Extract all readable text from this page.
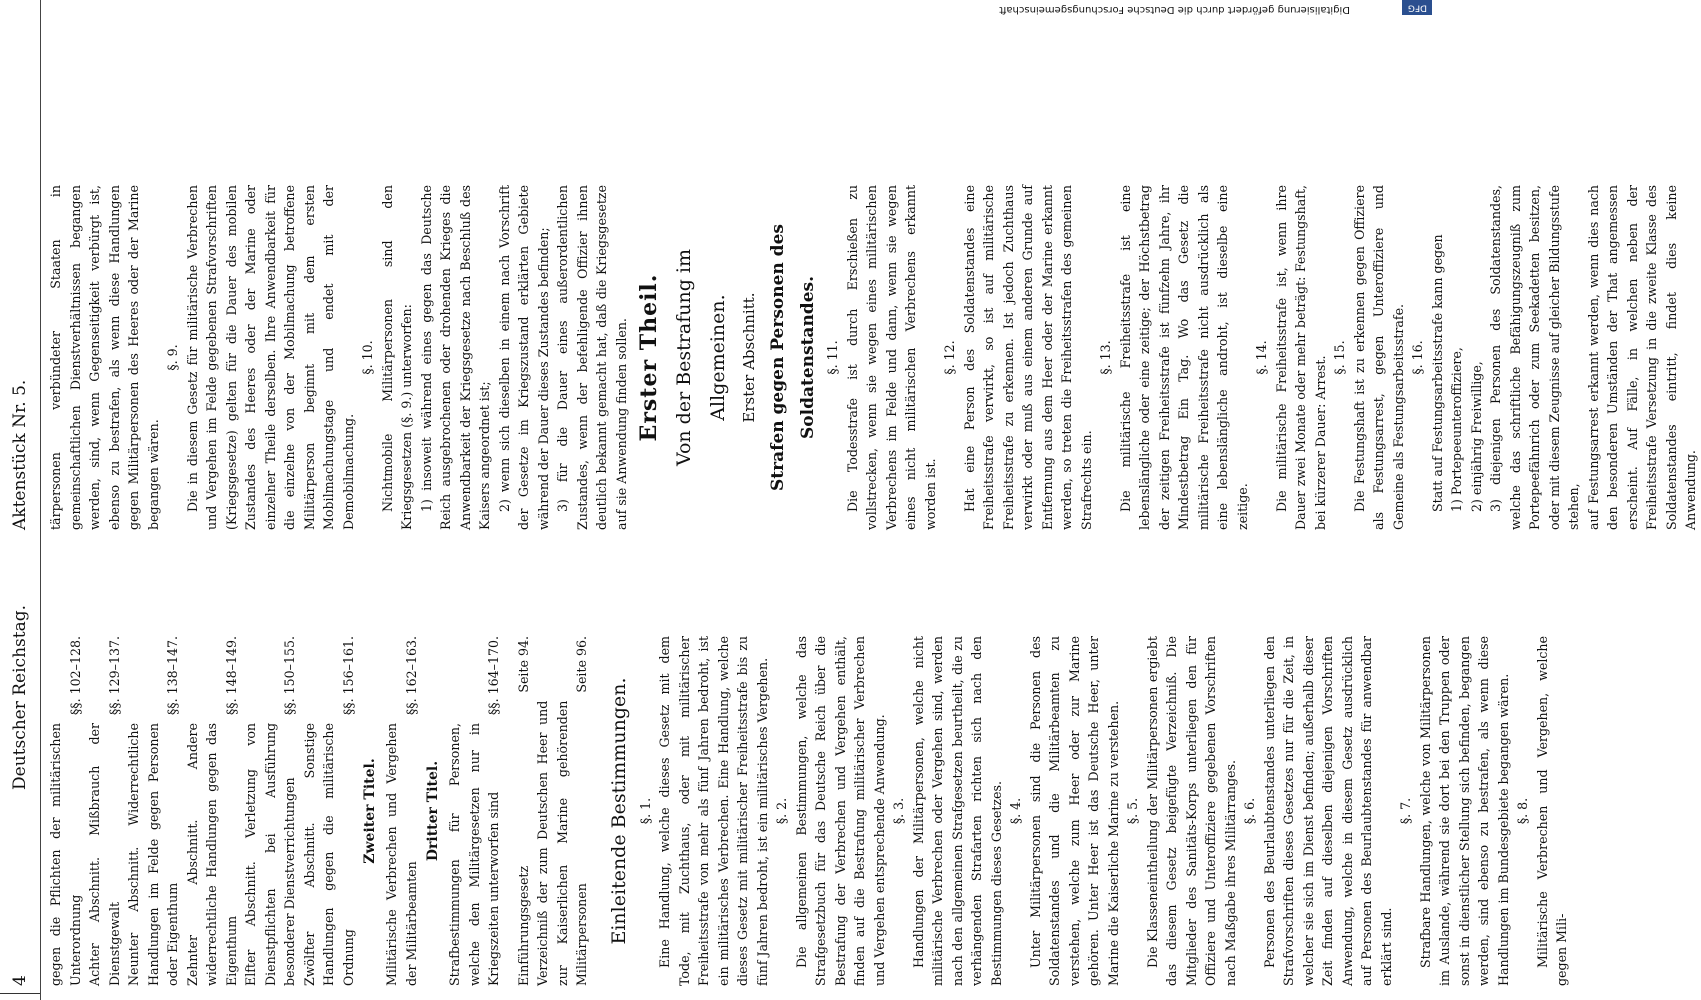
4
Deutscher Reichstag.
Aktenstück Nr. 5.
gegen die Pflichten der militärischen Unterordnung
§§. 102–128.
Achter Abschnitt. Mißbrauch der Dienstgewalt
§§. 129–137.
Neunter Abschnitt. Widerrechtliche Handlungen im Felde gegen Personen oder Eigenthum
§§. 138–147.
Zehnter Abschnitt. Andere widerrechtliche Handlungen gegen das Eigenthum
§§. 148–149.
Elfter Abschnitt. Verletzung von Dienstpflichten bei Ausführung besonderer Dienstverrichtungen
§§. 150–155.
Zwölfter Abschnitt. Sonstige Handlungen gegen die militärische Ordnung
§§. 156–161.

Zweiter Titel. Militärische Verbrechen und Vergehen der Militärbeamten
§§. 162–163.

Dritter Titel. Strafbestimmungen für Personen, welche den Militärgesetzen nur in Kriegszeiten unterworfen sind
§§. 164–170.
Einführungsgesetz
Seite 94.
Verzeichniß der zum Deutschen Heer und zur Kaiserlichen Marine gehörenden Militärpersonen
Seite 96.

Einleitende Bestimmungen. §. 1. Eine Handlung, welche dieses Gesetz mit dem Tode, mit Zuchthaus, oder mit militärischer Freiheitsstrafe von mehr als fünf Jahren bedroht, ist ein militärisches Verbrechen. Eine Handlung, welche dieses Gesetz mit militärischer Freiheitsstrafe bis zu fünf Jahren bedroht, ist ein militärisches Vergehen. §. 2. Die allgemeinen Bestimmungen, welche das Strafgesetzbuch für das Deutsche Reich über die Bestrafung der Verbrechen und Vergehen enthält, finden auf die Bestrafung militärischer Verbrechen und Vergehen entsprechende Anwendung. §. 3. Handlungen der Militärpersonen, welche nicht militärische Verbrechen oder Vergehen sind, werden nach den allgemeinen Strafgesetzen beurtheilt, die zu verhängenden Strafarten richten sich nach den Bestimmungen dieses Gesetzes. §. 4. Unter Militärpersonen sind die Personen des Soldatenstandes und die Militärbeamten zu verstehen, welche zum Heer oder zur Marine gehören. Unter Heer ist das Deutsche Heer, unter Marine die Kaiserliche Marine zu verstehen. §. 5. Die Klasseneintheilung der Militärpersonen ergiebt das diesem Gesetz beigefügte Verzeichniß. Die Mitglieder des Sanitäts-Korps unterliegen den für Offiziere und Unteroffiziere gegebenen Vorschriften nach Maßgabe ihres Militärranges. §. 6. Personen des Beurlaubtenstandes unterliegen den Strafvorschriften dieses Gesetzes nur für die Zeit, in welcher sie sich im Dienst befinden; außerhalb dieser Zeit finden auf dieselben diejenigen Vorschriften Anwendung, welche in diesem Gesetz ausdrücklich auf Personen des Beurlaubtenstandes für anwendbar erklärt sind.

§. 7. Strafbare Handlungen, welche von Militärpersonen im Auslande, während sie dort bei den Truppen oder sonst in dienstlicher Stellung sich befinden, begangen werden, sind ebenso zu bestrafen, als wenn diese Handlungen im Bundesgebiete begangen wären. §. 8. Militärische Verbrechen und Vergehen, welche gegen Mili-

tärpersonen verbündeter Staaten in gemeinschaftlichen Dienstverhältnissen begangen werden, sind, wenn Gegenseitigkeit verbürgt ist, ebenso zu bestrafen, als wenn diese Handlungen gegen Militärpersonen des Heeres oder der Marine begangen wären.

§. 9. Die in diesem Gesetz für militärische Verbrechen und Vergehen im Felde gegebenen Strafvorschriften (Kriegsgesetze) gelten für die Dauer des mobilen Zustandes des Heeres oder der Marine oder einzelner Theile derselben. Ihre Anwendbarkeit für die einzelne von der Mobilmachung betroffene Militärperson beginnt mit dem ersten Mobilmachungstage und endet mit der Demobilmachung.

§. 10. Nichtmobile Militärpersonen sind den Kriegsgesetzen (§. 9.) unterworfen: 1) insoweit während eines gegen das Deutsche Reich ausgebrochenen oder drohenden Krieges die Anwendbarkeit der Kriegsgesetze nach Beschluß des Kaisers angeordnet ist; 2) wenn sich dieselben in einem nach Vorschrift der Gesetze im Kriegszustand erklärten Gebiete während der Dauer dieses Zustandes befinden; 3) für die Dauer eines außerordentlichen Zustandes, wenn der befehligende Offizier ihnen deutlich bekannt gemacht hat, daß die Kriegsgesetze auf sie Anwendung finden sollen. Erster Theil. Von der Bestrafung im Allgemeinen. Erster Abschnitt. Strafen gegen Personen des Soldatenstandes. §. 11. Die Todesstrafe ist durch Erschießen zu vollstrecken, wenn sie wegen eines militärischen Verbrechens im Felde und dann, wenn sie wegen eines nicht militärischen Verbrechens erkannt worden ist.

§. 12. Hat eine Person des Soldatenstandes eine Freiheitsstrafe verwirkt, so ist auf militärische Freiheitsstrafe zu erkennen. Ist jedoch Zuchthaus verwirkt oder muß aus einem anderen Grunde auf Entfernung aus dem Heer oder der Marine erkannt werden, so treten die Freiheitsstrafen des gemeinen Strafrechts ein.

§. 13. Die militärische Freiheitsstrafe ist eine lebenslängliche oder eine zeitige; der Höchstbetrag der zeitigen Freiheitsstrafe ist fünfzehn Jahre, ihr Mindestbetrag Ein Tag. Wo das Gesetz die militärische Freiheitsstrafe nicht ausdrücklich als eine lebenslängliche androht, ist dieselbe eine zeitige.

§. 14. Die militärische Freiheitsstrafe ist, wenn ihre Dauer zwei Monate oder mehr beträgt: Festungshaft, bei kürzerer Dauer: Arrest. §. 15. Die Festungshaft ist zu erkennen gegen Offiziere als Festungsarrest, gegen Unteroffiziere und Gemeine als Festungsarbeitsstrafe. §. 16. Statt auf Festungsarbeitsstrafe kann gegen 1) Portepeeunteroffiziere, 2) einjährig Freiwillige, 3) diejenigen Personen des Soldatenstandes, welche das schriftliche Befähigungszeugniß zum Portepeefähnrich oder zum Seekadetten besitzen, oder mit diesem Zeugnisse auf gleicher Bildungsstufe stehen, auf Festungsarrest erkannt werden, wenn dies nach den besonderen Umständen der That angemessen erscheint. Auf Fälle, in welchen neben der Freiheitsstrafe Versetzung in die zweite Klasse des Soldatenstandes eintritt, findet dies keine Anwendung.

Digitalisierung gefördert durch die Deutsche Forschungsgemeinschaft	DFG
